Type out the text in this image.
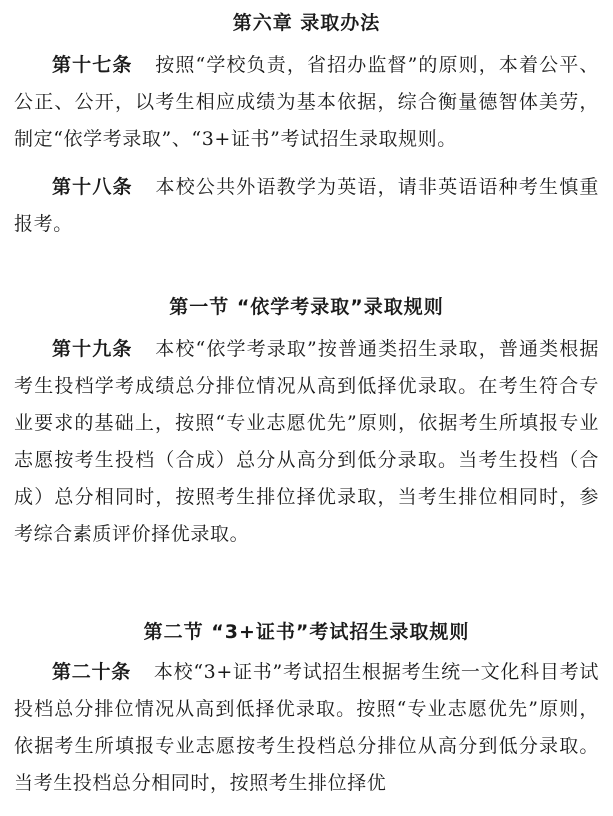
第六章 录取办法

第十七条 按照“学校负责，省招办监督”的原则，本着公平、公正、公开，以考生相应成绩为基本依据，综合衡量德智体美劳，制定“依学考录取”、“3+证书”考试招生录取规则。

第十八条 本校公共外语教学为英语，请非英语语种考生慎重报考。

第一节 “依学考录取”录取规则

第十九条 本校“依学考录取”按普通类招生录取，普通类根据考生投档学考成绩总分排位情况从高到低择优录取。在考生符合专业要求的基础上，按照“专业志愿优先”原则，依据考生所填报专业志愿按考生投档（合成）总分从高分到低分录取。当考生投档（合成）总分相同时，按照考生排位择优录取，当考生排位相同时，参考综合素质评价择优录取。

第二节 “3+证书”考试招生录取规则

第二十条 本校“3+证书”考试招生根据考生统一文化科目考试投档总分排位情况从高到低择优录取。按照“专业志愿优先”原则，依据考生所填报专业志愿按考生投档总分排位从高分到低分录取。 当考生投档总分相同时，按照考生排位择优
